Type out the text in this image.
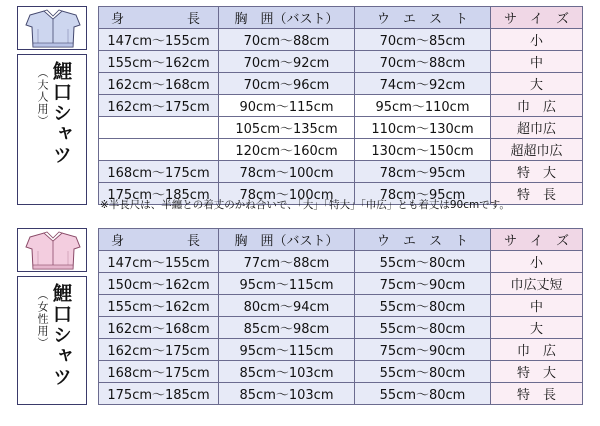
鯉口シャツ
（大人用）
身　　　長	胸　囲（バスト）	ウ　エ　ス　ト	サ　イ　ズ
147cm〜155cm	70cm〜88cm	70cm〜85cm	小
155cm〜162cm	70cm〜92cm	70cm〜88cm	中
162cm〜168cm	70cm〜96cm	74cm〜92cm	大
162cm〜175cm	90cm〜115cm	95cm〜110cm	巾　広
	105cm〜135cm	110cm〜130cm	超巾広
	120cm〜160cm	130cm〜150cm	超超巾広
168cm〜175cm	78cm〜100cm	78cm〜95cm	特　大
175cm〜185cm	78cm〜100cm	78cm〜95cm	特　長
※半長尺は、半纏との着丈のかね合いで、「大」「特大」「巾広」とも着丈は90cmです。
鯉口シャツ
（女性用）
身　　　長	胸　囲（バスト）	ウ　エ　ス　ト	サ　イ　ズ
147cm〜155cm	77cm〜88cm	55cm〜80cm	小
150cm〜162cm	95cm〜115cm	75cm〜90cm	巾広丈短
155cm〜162cm	80cm〜94cm	55cm〜80cm	中
162cm〜168cm	85cm〜98cm	55cm〜80cm	大
162cm〜175cm	95cm〜115cm	75cm〜90cm	巾　広
168cm〜175cm	85cm〜103cm	55cm〜80cm	特　大
175cm〜185cm	85cm〜103cm	55cm〜80cm	特　長
